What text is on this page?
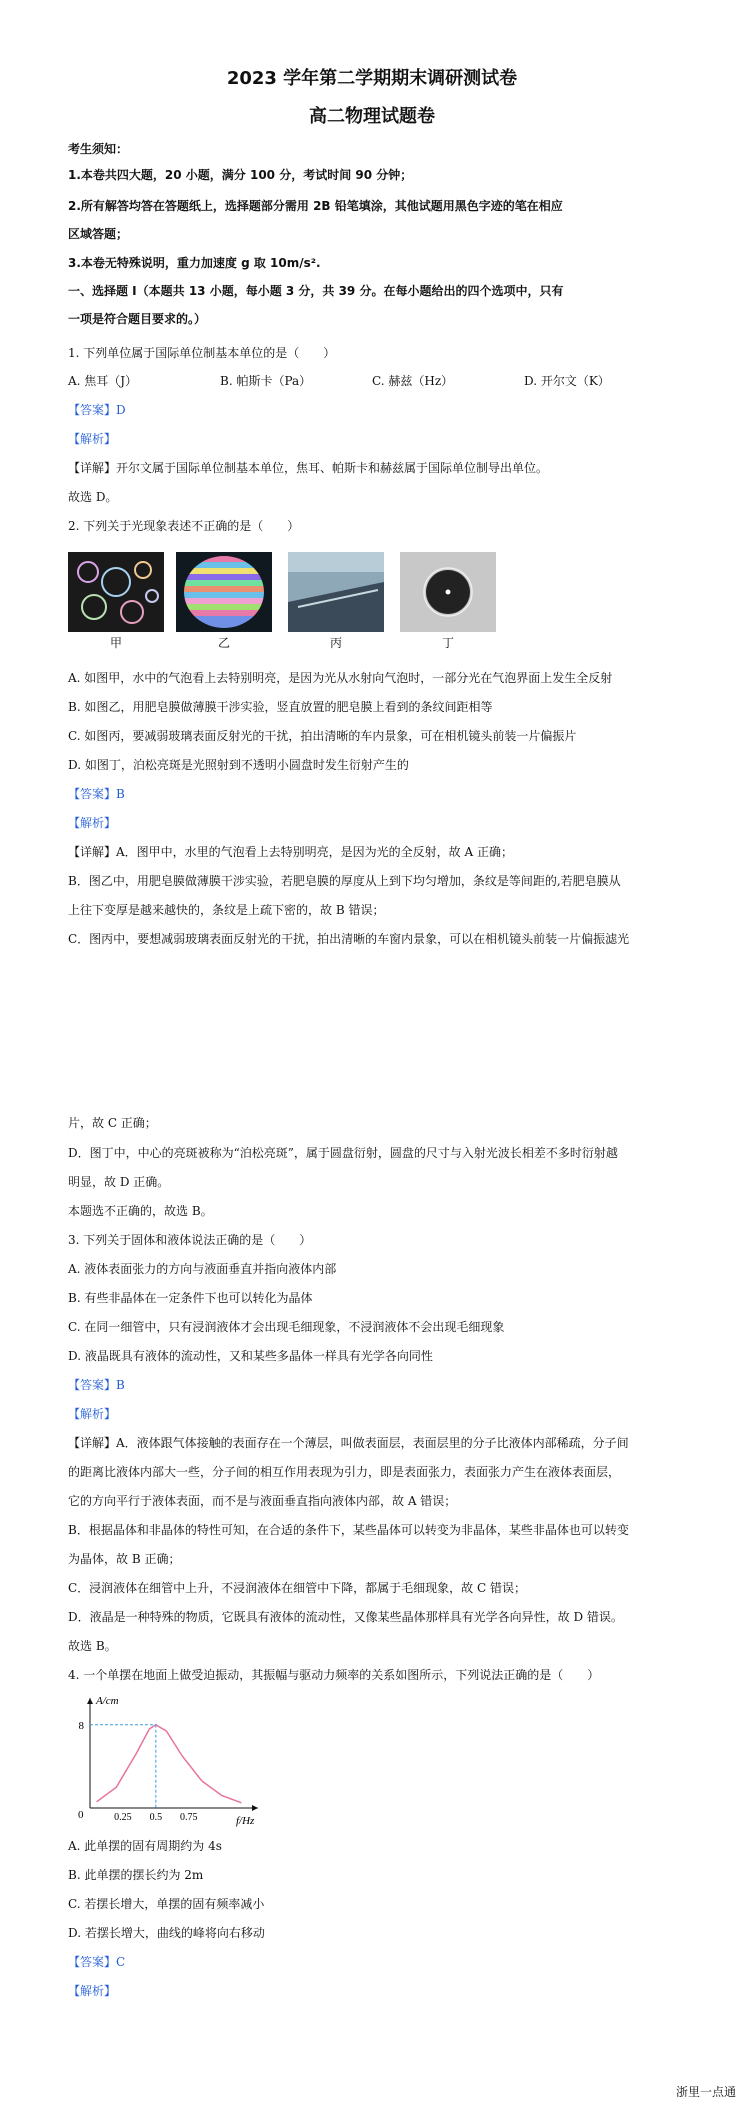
2023 学年第二学期期末调研测试卷
高二物理试题卷
考生须知：
1.本卷共四大题，20 小题，满分 100 分，考试时间 90 分钟；
2.所有解答均答在答题纸上，选择题部分需用 2B 铅笔填涂，其他试题用黑色字迹的笔在相应
区域答题；
3.本卷无特殊说明，重力加速度 g 取 10m/s².
一、选择题 I（本题共 13 小题，每小题 3 分，共 39 分。在每小题给出的四个选项中，只有
一项是符合题目要求的。）
1. 下列单位属于国际单位制基本单位的是（　　）
A. 焦耳（J）	B. 帕斯卡（Pa）	C. 赫兹（Hz）	D. 开尔文（K）
【答案】D
【解析】
【详解】开尔文属于国际单位制基本单位，焦耳、帕斯卡和赫兹属于国际单位制导出单位。
故选 D。
2. 下列关于光现象表述不正确的是（　　）
甲	乙	丙	丁
A. 如图甲，水中的气泡看上去特别明亮，是因为光从水射向气泡时，一部分光在气泡界面上发生全反射
B. 如图乙，用肥皂膜做薄膜干涉实验，竖直放置的肥皂膜上看到的条纹间距相等
C. 如图丙，要减弱玻璃表面反射光的干扰，拍出清晰的车内景象，可在相机镜头前装一片偏振片
D. 如图丁，泊松亮斑是光照射到不透明小圆盘时发生衍射产生的
【答案】B
【解析】
【详解】A．图甲中，水里的气泡看上去特别明亮，是因为光的全反射，故 A 正确；
B．图乙中，用肥皂膜做薄膜干涉实验，若肥皂膜的厚度从上到下均匀增加，条纹是等间距的,若肥皂膜从
上往下变厚是越来越快的，条纹是上疏下密的，故 B 错误；
C．图丙中，要想减弱玻璃表面反射光的干扰，拍出清晰的车窗内景象，可以在相机镜头前装一片偏振滤光
片，故 C 正确；
D．图丁中，中心的亮斑被称为“泊松亮斑”，属于圆盘衍射，圆盘的尺寸与入射光波长相差不多时衍射越
明显，故 D 正确。
本题选不正确的，故选 B。
3. 下列关于固体和液体说法正确的是（　　）
A. 液体表面张力的方向与液面垂直并指向液体内部
B. 有些非晶体在一定条件下也可以转化为晶体
C. 在同一细管中，只有浸润液体才会出现毛细现象，不浸润液体不会出现毛细现象
D. 液晶既具有液体的流动性，又和某些多晶体一样具有光学各向同性
【答案】B
【解析】
【详解】A．液体跟气体接触的表面存在一个薄层，叫做表面层，表面层里的分子比液体内部稀疏，分子间
的距离比液体内部大一些，分子间的相互作用表现为引力，即是表面张力，表面张力产生在液体表面层，
它的方向平行于液体表面，而不是与液面垂直指向液体内部，故 A 错误；
B．根据晶体和非晶体的特性可知，在合适的条件下，某些晶体可以转变为非晶体，某些非晶体也可以转变
为晶体，故 B 正确；
C．浸润液体在细管中上升，不浸润液体在细管中下降，都属于毛细现象，故 C 错误；
D．液晶是一种特殊的物质，它既具有液体的流动性，又像某些晶体那样具有光学各向异性，故 D 错误。
故选 B。
4. 一个单摆在地面上做受迫振动，其振幅与驱动力频率的关系如图所示，下列说法正确的是（　　）
A/cm
f/Hz
0	0.25 0.5 0.75
8
A. 此单摆的固有周期约为 4s
B. 此单摆的摆长约为 2m
C. 若摆长增大，单摆的固有频率减小
D. 若摆长增大，曲线的峰将向右移动
【答案】C
【解析】
浙里一点通
